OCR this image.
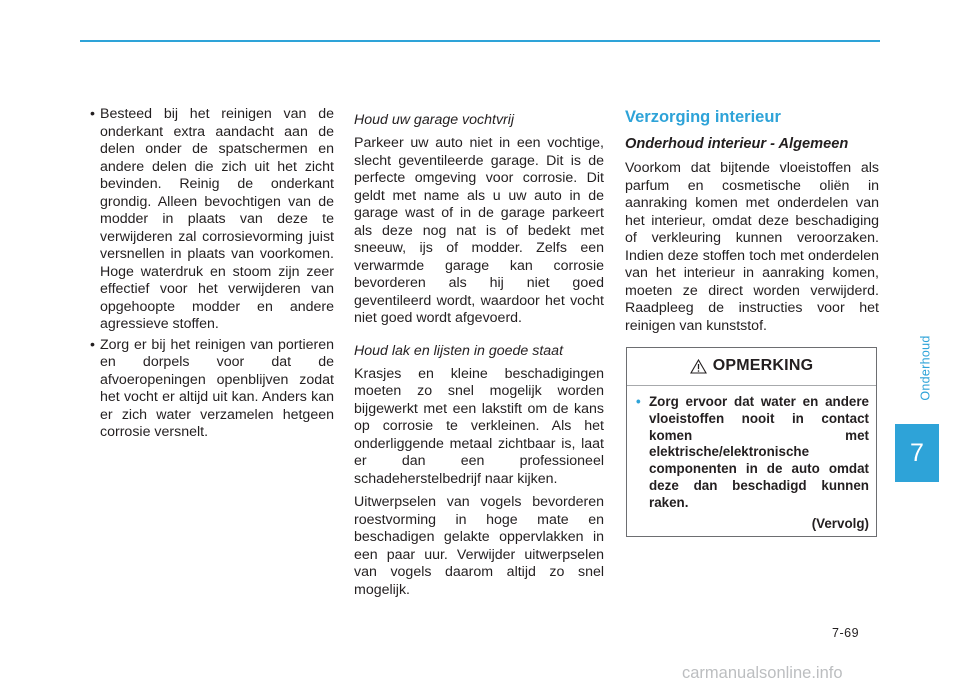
• Besteed bij het reinigen van de onderkant extra aandacht aan de delen onder de spatschermen en andere delen die zich uit het zicht bevinden. Reinig de onderkant grondig. Alleen bevochtigen van de modder in plaats van deze te verwijderen zal corrosievorming juist versnellen in plaats van voorkomen. Hoge waterdruk en stoom zijn zeer effectief voor het verwijderen van opgehoopte modder en andere agressieve stoffen.
• Zorg er bij het reinigen van portieren en dorpels voor dat de afvoeropeningen openblijven zodat het vocht er altijd uit kan. Anders kan er zich water verzamelen hetgeen corrosie versnelt.
Houd uw garage vochtvrij

Parkeer uw auto niet in een vochtige, slecht geventileerde garage. Dit is de perfecte omgeving voor corrosie. Dit geldt met name als u uw auto in de garage wast of in de garage parkeert als deze nog nat is of bedekt met sneeuw, ijs of modder. Zelfs een verwarmde garage kan corrosie bevorderen als hij niet goed geventileerd wordt, waardoor het vocht niet goed wordt afgevoerd.

Houd lak en lijsten in goede staat

Krasjes en kleine beschadigingen moeten zo snel mogelijk worden bijgewerkt met een lakstift om de kans op corrosie te verkleinen. Als het onderliggende metaal zichtbaar is, laat er dan een professioneel schadeherstelbedrijf naar kijken.

Uitwerpselen van vogels bevorderen roestvorming in hoge mate en beschadigen gelakte oppervlakken in een paar uur. Verwijder uitwerpselen van vogels daarom altijd zo snel mogelijk.

Verzorging interieur
Onderhoud interieur - Algemeen

Voorkom dat bijtende vloeistoffen als parfum en cosmetische oliën in aanraking komen met onderdelen van het interieur, omdat deze beschadiging of verkleuring kunnen veroorzaken. Indien deze stoffen toch met onderdelen van het interieur in aanraking komen, moeten ze direct worden verwijderd. Raadpleeg de instructies voor het reinigen van kunststof.

OPMERKING
• Zorg ervoor dat water en andere vloeistoffen nooit in contact komen met elektrische/elektronische componenten in de auto omdat deze dan beschadigd kunnen raken.
(Vervolg)
Onderhoud
7
7-69
carmanualsonline.info
